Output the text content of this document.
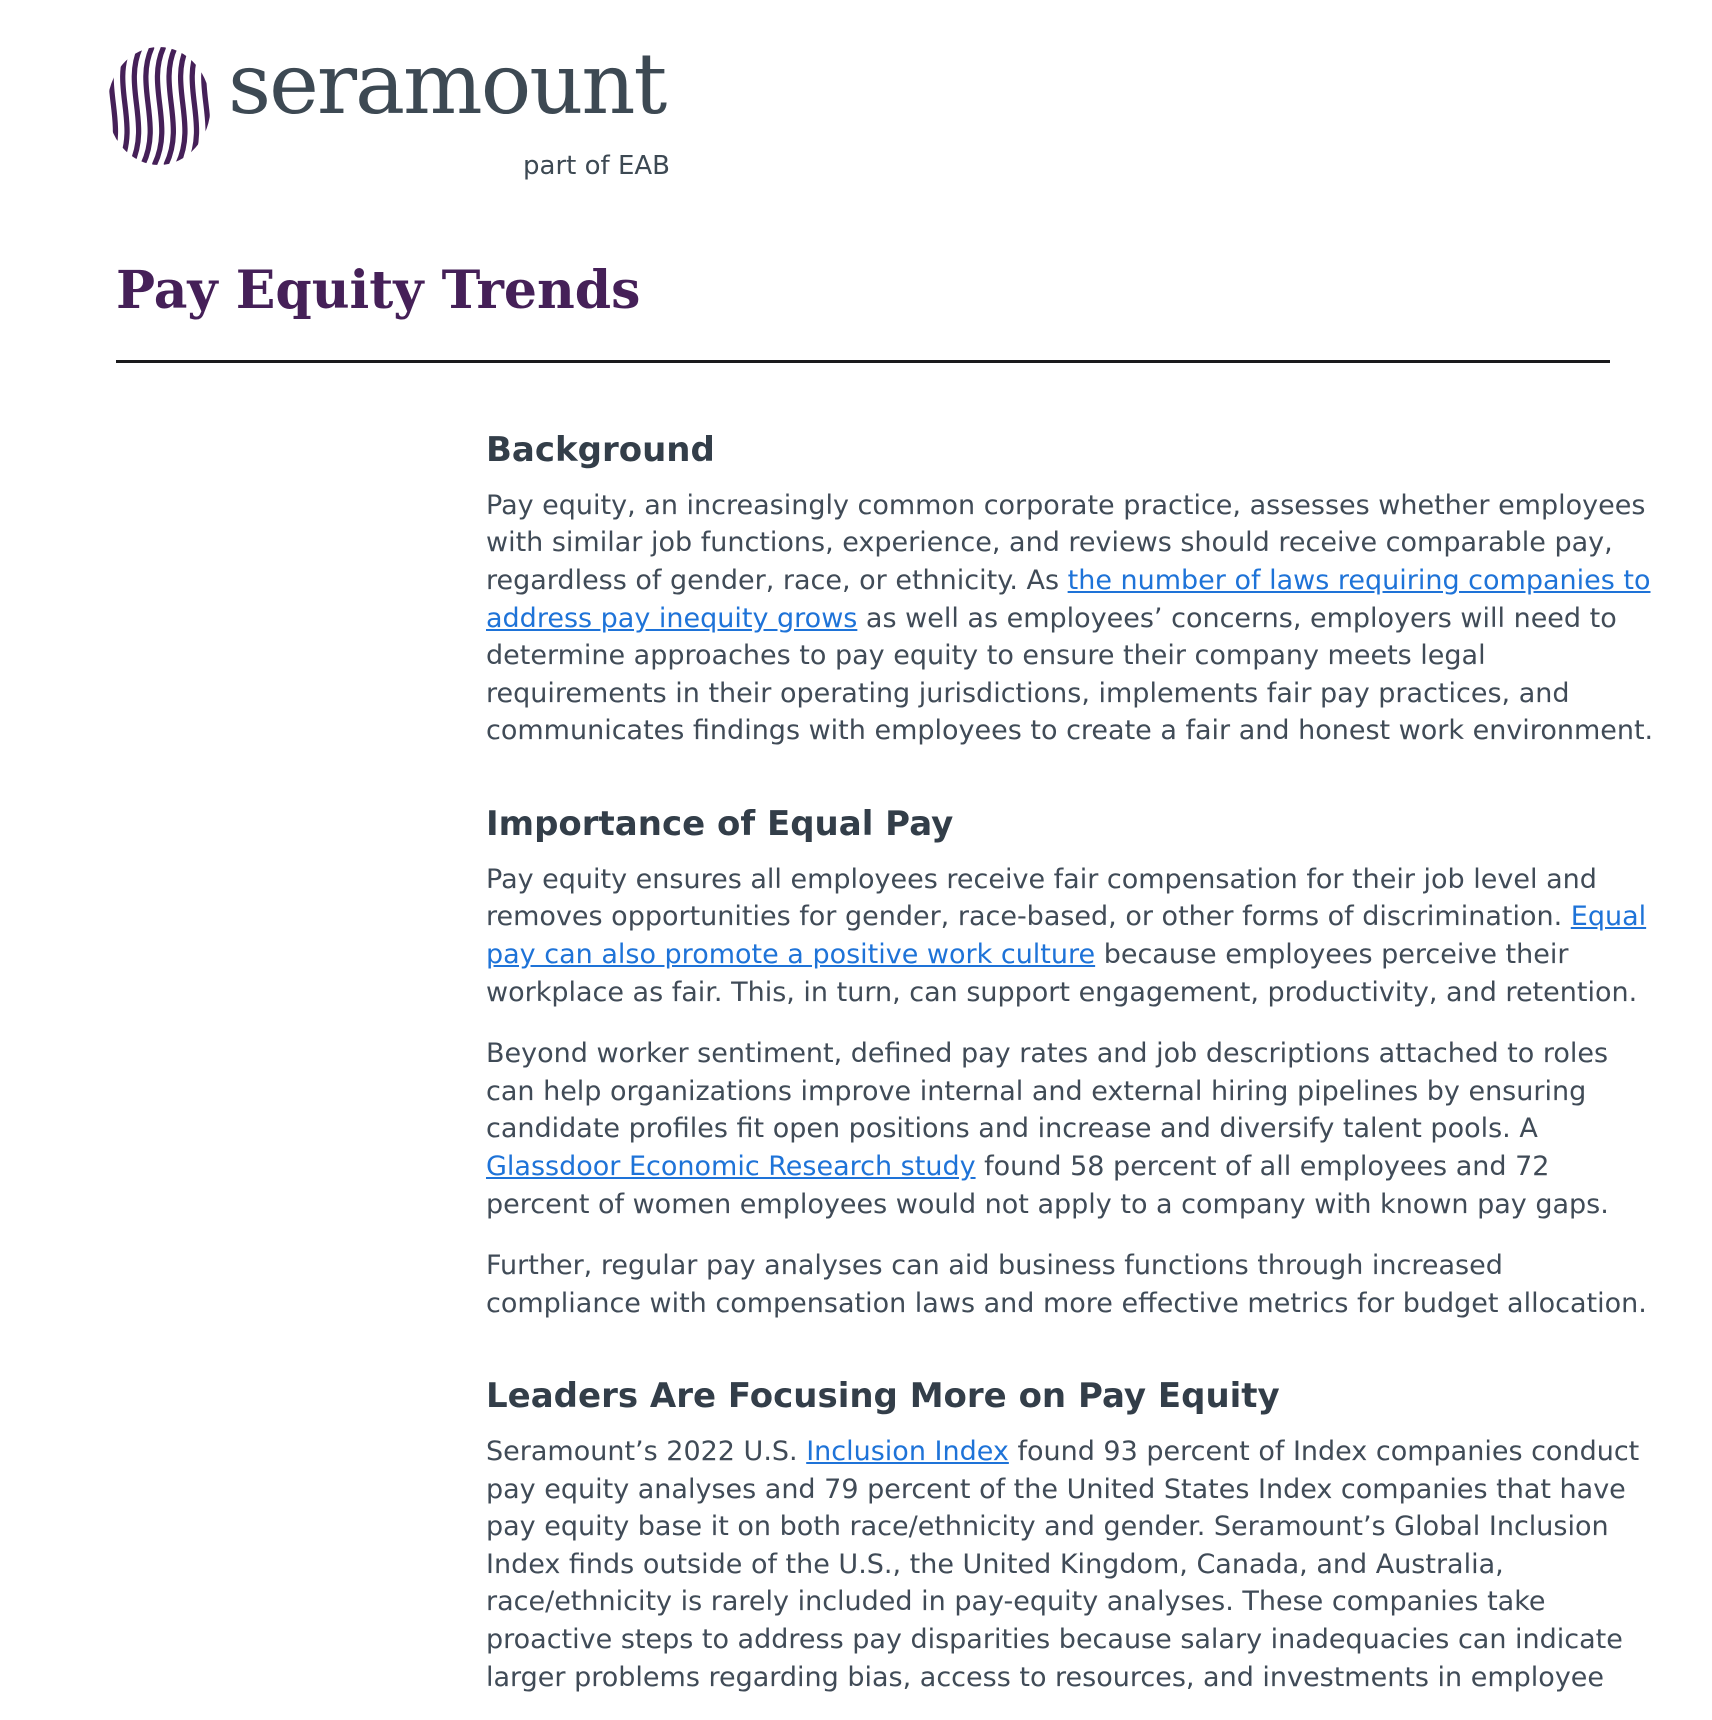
seramount
part of EAB
Pay Equity Trends
Background

Pay equity, an increasingly common corporate practice, assesses whether employees
with similar job functions, experience, and reviews should receive comparable pay,
regardless of gender, race, or ethnicity. As the number of laws requiring companies to
address pay inequity grows as well as employees’ concerns, employers will need to
determine approaches to pay equity to ensure their company meets legal
requirements in their operating jurisdictions, implements fair pay practices, and
communicates findings with employees to create a fair and honest work environment.

Importance of Equal Pay

Pay equity ensures all employees receive fair compensation for their job level and
removes opportunities for gender, race-based, or other forms of discrimination. Equal
pay can also promote a positive work culture because employees perceive their
workplace as fair. This, in turn, can support engagement, productivity, and retention.

Beyond worker sentiment, defined pay rates and job descriptions attached to roles
can help organizations improve internal and external hiring pipelines by ensuring
candidate profiles fit open positions and increase and diversify talent pools. A
Glassdoor Economic Research study found 58 percent of all employees and 72
percent of women employees would not apply to a company with known pay gaps.

Further, regular pay analyses can aid business functions through increased
compliance with compensation laws and more effective metrics for budget allocation.

Leaders Are Focusing More on Pay Equity

Seramount’s 2022 U.S. Inclusion Index found 93 percent of Index companies conduct
pay equity analyses and 79 percent of the United States Index companies that have
pay equity base it on both race/ethnicity and gender. Seramount’s Global Inclusion
Index finds outside of the U.S., the United Kingdom, Canada, and Australia,
race/ethnicity is rarely included in pay-equity analyses. These companies take
proactive steps to address pay disparities because salary inadequacies can indicate
larger problems regarding bias, access to resources, and investments in employee
